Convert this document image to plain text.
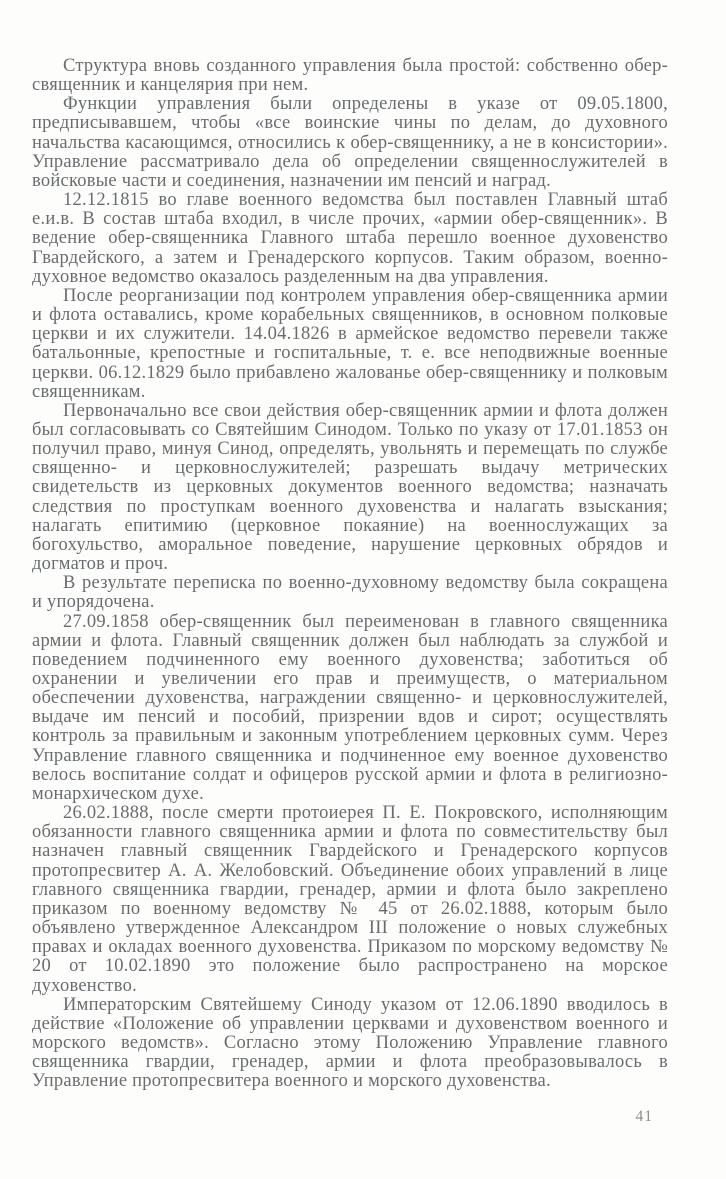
Структура вновь созданного управления была простой: собственно обер-священник и канцелярия при нем.

Функции управления были определены в указе от 09.05.1800, предписывавшем, чтобы «все воинские чины по делам, до духовного начальства касающимся, относились к обер-священнику, а не в консистории». Управление рассматривало дела об определении священнослужителей в войсковые части и соединения, назначении им пенсий и наград.

12.12.1815 во главе военного ведомства был поставлен Главный штаб е.и.в. В состав штаба входил, в числе прочих, «армии обер-священник». В ведение обер-священника Главного штаба перешло военное духовенство Гвардейского, а затем и Гренадерского корпусов. Таким образом, военно-духовное ведомство оказалось разделенным на два управления.

После реорганизации под контролем управления обер-священника армии и флота оставались, кроме корабельных священников, в основном полковые церкви и их служители. 14.04.1826 в армейское ведомство перевели также батальонные, крепостные и госпитальные, т. е. все неподвижные военные церкви. 06.12.1829 было прибавлено жалованье обер-священнику и полковым священникам.

Первоначально все свои действия обер-священник армии и флота должен был согласовывать со Святейшим Синодом. Только по указу от 17.01.1853 он получил право, минуя Синод, определять, увольнять и перемещать по службе священно- и церковнослужителей; разрешать выдачу метрических свидетельств из церковных документов военного ведомства; назначать следствия по проступкам военного духовенства и налагать взыскания; налагать епитимию (церковное покаяние) на военнослужащих за богохульство, аморальное поведение, нарушение церковных обрядов и догматов и проч.

В результате переписка по военно-духовному ведомству была сокращена и упорядочена.

27.09.1858 обер-священник был переименован в главного священника армии и флота. Главный священник должен был наблюдать за службой и поведением подчиненного ему военного духовенства; заботиться об охранении и увеличении его прав и преимуществ, о материальном обеспечении духовенства, награждении священно- и церковнослужителей, выдаче им пенсий и пособий, призрении вдов и сирот; осуществлять контроль за правильным и законным употреблением церковных сумм. Через Управление главного священника и подчиненное ему военное духовенство велось воспитание солдат и офицеров русской армии и флота в религиозно-монархическом духе.

26.02.1888, после смерти протоиерея П. Е. Покровского, исполняющим обязанности главного священника армии и флота по совместительству был назначен главный священник Гвардейского и Гренадерского корпусов протопресвитер А. А. Желобовский. Объединение обоих управлений в лице главного священника гвардии, гренадер, армии и флота было закреплено приказом по военному ведомству № 45 от 26.02.1888, которым было объявлено утвержденное Александром III положение о новых служебных правах и окладах военного духовенства. Приказом по морскому ведомству № 20 от 10.02.1890 это положение было распространено на морское духовенство.

Императорским Святейшему Синоду указом от 12.06.1890 вводилось в действие «Положение об управлении церквами и духовенством военного и морского ведомств». Согласно этому Положению Управление главного священника гвардии, гренадер, армии и флота преобразовывалось в Управление протопресвитера военного и морского духовенства.

41
